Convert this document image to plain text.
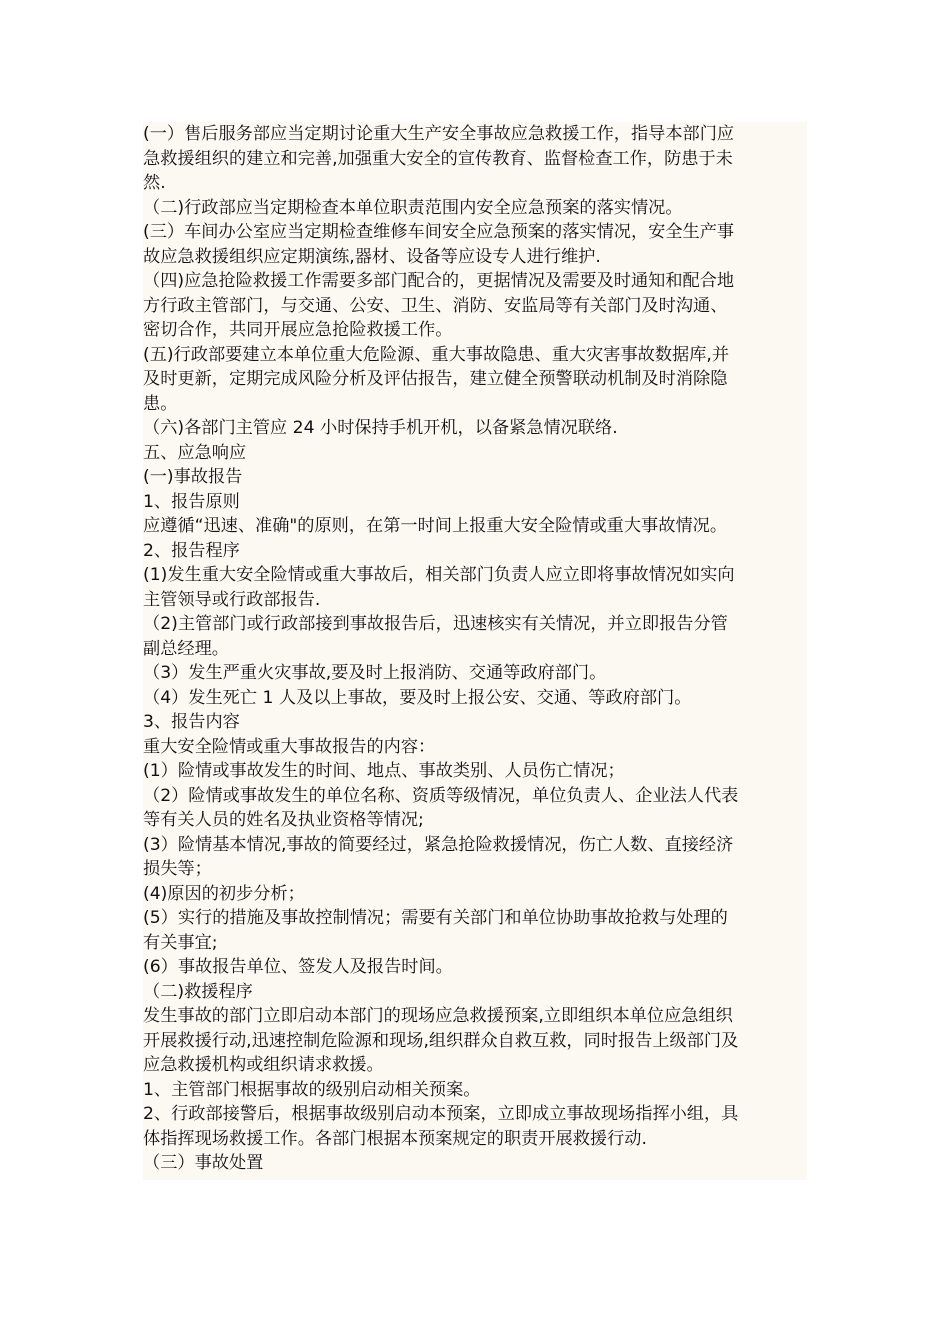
(一）售后服务部应当定期讨论重大生产安全事故应急救援工作，指导本部门应
急救援组织的建立和完善,加强重大安全的宣传教育、监督检查工作，防患于未
然.
（二)行政部应当定期检查本单位职责范围内安全应急预案的落实情况。
(三）车间办公室应当定期检查维修车间安全应急预案的落实情况，安全生产事
故应急救援组织应定期演练,器材、设备等应设专人进行维护.
（四)应急抢险救援工作需要多部门配合的，更据情况及需要及时通知和配合地
方行政主管部门，与交通、公安、卫生、消防、安监局等有关部门及时沟通、
密切合作，共同开展应急抢险救援工作。
(五)行政部要建立本单位重大危险源、重大事故隐患、重大灾害事故数据库,并
及时更新，定期完成风险分析及评估报告，建立健全预警联动机制及时消除隐
患。
（六)各部门主管应 24 小时保持手机开机，以备紧急情况联络.
五、应急响应
(一)事故报告
1、报告原则
应遵循“迅速、准确"的原则，在第一时间上报重大安全险情或重大事故情况。
2、报告程序
(1)发生重大安全险情或重大事故后，相关部门负责人应立即将事故情况如实向
主管领导或行政部报告.
（2)主管部门或行政部接到事故报告后，迅速核实有关情况，并立即报告分管
副总经理。
（3）发生严重火灾事故,要及时上报消防、交通等政府部门。
（4）发生死亡 1 人及以上事故，要及时上报公安、交通、等政府部门。
3、报告内容
重大安全险情或重大事故报告的内容：
(1）险情或事故发生的时间、地点、事故类别、人员伤亡情况；
（2）险情或事故发生的单位名称、资质等级情况，单位负责人、企业法人代表
等有关人员的姓名及执业资格等情况;
(3）险情基本情况,事故的简要经过，紧急抢险救援情况，伤亡人数、直接经济
损失等；
(4)原因的初步分析；
(5）实行的措施及事故控制情况；需要有关部门和单位协助事故抢救与处理的
有关事宜;
(6）事故报告单位、签发人及报告时间。
（二)救援程序
发生事故的部门立即启动本部门的现场应急救援预案,立即组织本单位应急组织
开展救援行动,迅速控制危险源和现场,组织群众自救互救，同时报告上级部门及
应急救援机构或组织请求救援。
1、主管部门根据事故的级别启动相关预案。
2、行政部接警后，根据事故级别启动本预案，立即成立事故现场指挥小组，具
体指挥现场救援工作。各部门根据本预案规定的职责开展救援行动.
（三）事故处置
